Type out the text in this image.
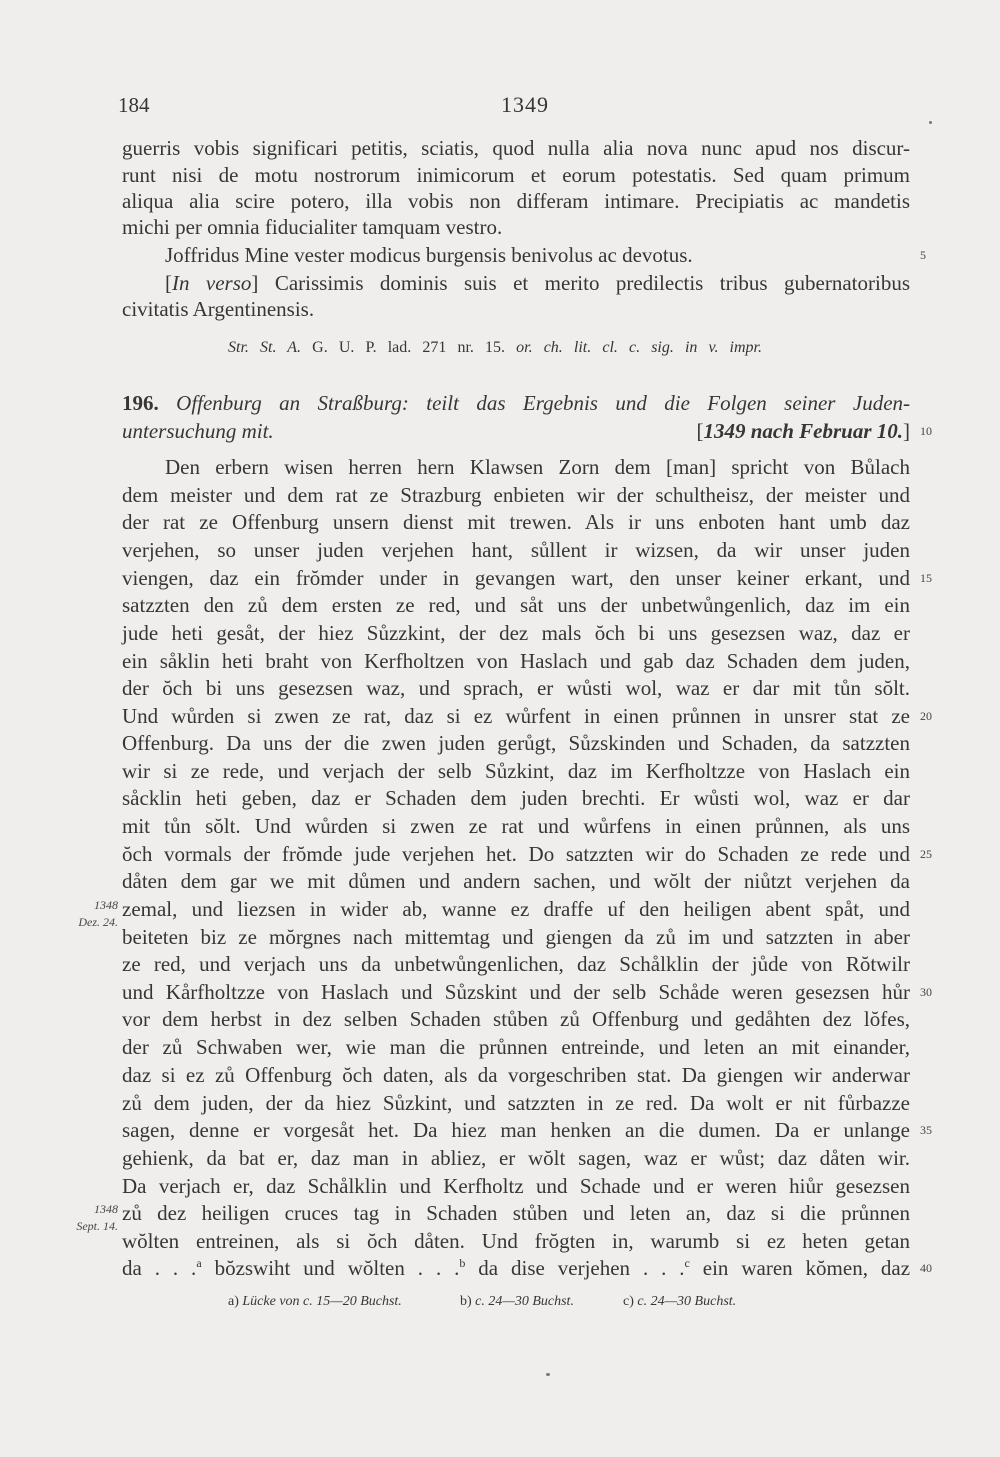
184	1349
guerris vobis significari petitis, sciatis, quod nulla alia nova nunc apud nos discur-
runt nisi de motu nostrorum inimicorum et eorum potestatis. Sed quam primum
aliqua alia scire potero, illa vobis non differam intimare. Precipiatis ac mandetis
michi per omnia fiducialiter tamquam vestro.
Joffridus Mine vester modicus burgensis benivolus ac devotus.
[In verso] Carissimis dominis suis et merito predilectis tribus gubernatoribus
civitatis Argentinensis.
Str. St. A. G. U. P. lad. 271 nr. 15. or. ch. lit. cl. c. sig. in v. impr.
196. Offenburg an Straßburg: teilt das Ergebnis und die Folgen seiner Juden-
untersuchung mit.	[1349 nach Februar 10.]
Den erbern wisen herren hern Klawsen Zorn dem [man] spricht von Bůlach
dem meister und dem rat ze Strazburg enbieten wir der schultheisz, der meister und
der rat ze Offenburg unsern dienst mit trewen. Als ir uns enboten hant umb daz
verjehen, so unser juden verjehen hant, sůllent ir wizsen, da wir unser juden
viengen, daz ein frŏmder under in gevangen wart, den unser keiner erkant, und
satzzten den zů dem ersten ze red, und såt uns der unbetwůngenlich, daz im ein
jude heti gesåt, der hiez Sůzzkint, der dez mals ŏch bi uns gesezsen waz, daz er
ein såklin heti braht von Kerfholtzen von Haslach und gab daz Schaden dem juden,
der ŏch bi uns gesezsen waz, und sprach, er wůsti wol, waz er dar mit tůn sŏlt.
Und wůrden si zwen ze rat, daz si ez wůrfent in einen průnnen in unsrer stat ze
Offenburg. Da uns der die zwen juden gerůgt, Sůzskinden und Schaden, da satzzten
wir si ze rede, und verjach der selb Sůzkint, daz im Kerfholtzze von Haslach ein
såcklin heti geben, daz er Schaden dem juden brechti. Er wůsti wol, waz er dar
mit tůn sŏlt. Und wůrden si zwen ze rat und wůrfens in einen průnnen, als uns
ŏch vormals der frŏmde jude verjehen het. Do satzzten wir do Schaden ze rede und
dåten dem gar we mit důmen und andern sachen, und wŏlt der niůtzt verjehen da
zemal, und liezsen in wider ab, wanne ez draffe uf den heiligen abent spåt, und
beiteten biz ze mŏrgnes nach mittemtag und giengen da zů im und satzzten in aber
ze red, und verjach uns da unbetwůngenlichen, daz Schålklin der jůde von Rŏtwilr
und Kårfholtzze von Haslach und Sůzskint und der selb Schåde weren gesezsen hůr
vor dem herbst in dez selben Schaden stůben zů Offenburg und gedåhten dez lŏfes,
der zů Schwaben wer, wie man die průnnen entreinde, und leten an mit einander,
daz si ez zů Offenburg ŏch daten, als da vorgeschriben stat. Da giengen wir anderwar
zů dem juden, der da hiez Sůzkint, und satzzten in ze red. Da wolt er nit fůrbazze
sagen, denne er vorgesåt het. Da hiez man henken an die dumen. Da er unlange
gehienk, da bat er, daz man in abliez, er wŏlt sagen, waz er wůst; daz dåten wir.
Da verjach er, daz Schålklin und Kerfholtz und Schade und er weren hiůr gesezsen
zů dez heiligen cruces tag in Schaden stůben und leten an, daz si die průnnen
wŏlten entreinen, als si ŏch dåten. Und frŏgten in, warumb si ez heten getan
da . . .$^a$ bŏzswiht und wŏlten . . .$^b$ da dise verjehen . . .$^c$ ein waren kŏmen, daz
5
10
15
20
25
30
35
40
1348
Dez. 24.
1348
Sept. 14.
a) Lücke von c. 15—20 Buchst.	b) c. 24—30 Buchst.	c) c. 24—30 Buchst.
